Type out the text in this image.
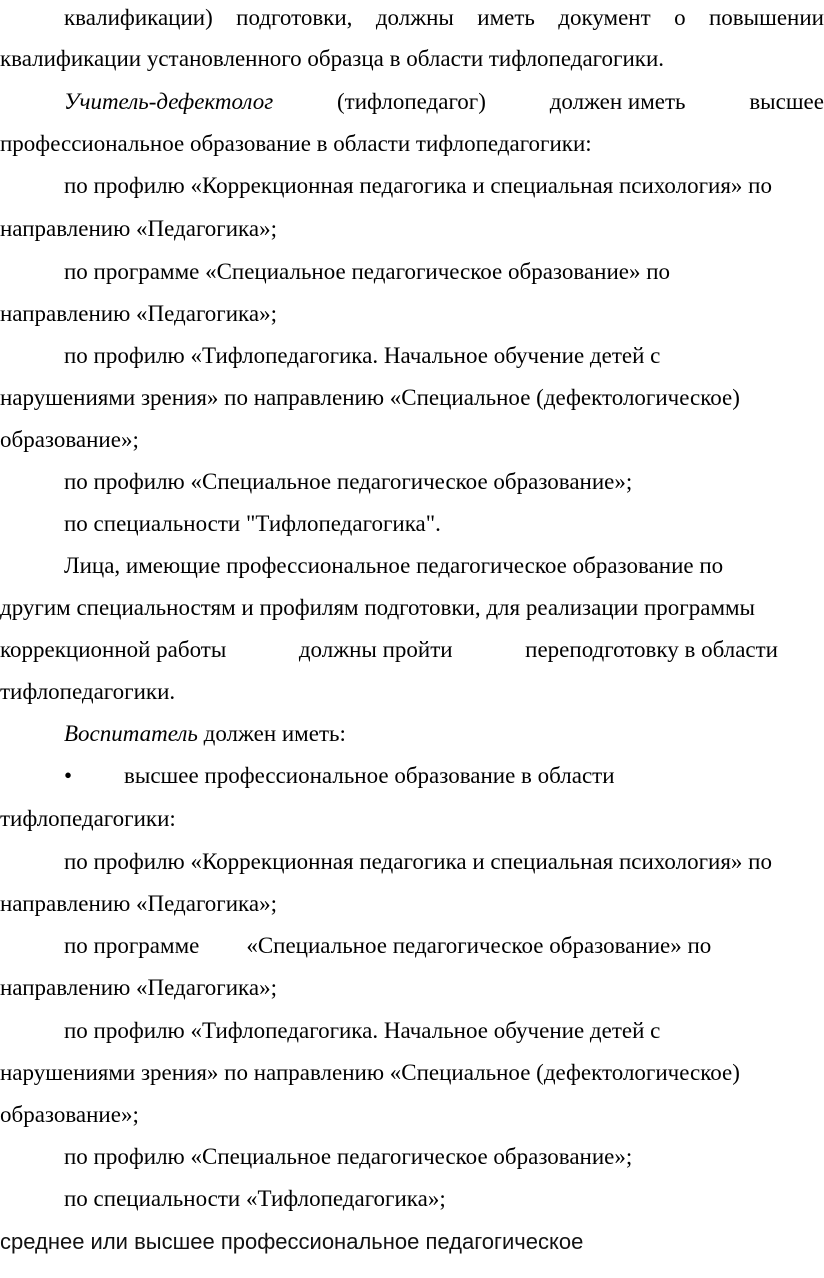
квалификации) подготовки, должны иметь документ о повышении

квалификации установленного образца в области тифлопедагогики.

Учитель-дефектолог	(тифлопедагог)	должен иметь	высшее

профессиональное образование в области тифлопедагогики:

по профилю «Коррекционная педагогика и специальная психология» по

направлению «Педагогика»;

по программе «Специальное педагогическое образование» по

направлению «Педагогика»;

по профилю «Тифлопедагогика. Начальное обучение детей с

нарушениями зрения» по направлению «Специальное (дефектологическое)

образование»;

по профилю «Специальное педагогическое образование»;

по специальности "Тифлопедагогика".

Лица, имеющие профессиональное педагогическое образование по

другим специальностям и профилям подготовки, для реализации программы

коррекционной работы	должны пройти	переподготовку в области

тифлопедагогики.

Воспитатель должен иметь:

• высшее профессиональное образование в области

тифлопедагогики:

по профилю «Коррекционная педагогика и специальная психология» по

направлению «Педагогика»;

по программе «Специальное педагогическое образование» по

направлению «Педагогика»;

по профилю «Тифлопедагогика. Начальное обучение детей с

нарушениями зрения» по направлению «Специальное (дефектологическое)

образование»;

по профилю «Специальное педагогическое образование»;

по специальности «Тифлопедагогика»;

среднее или высшее профессиональное педагогическое
